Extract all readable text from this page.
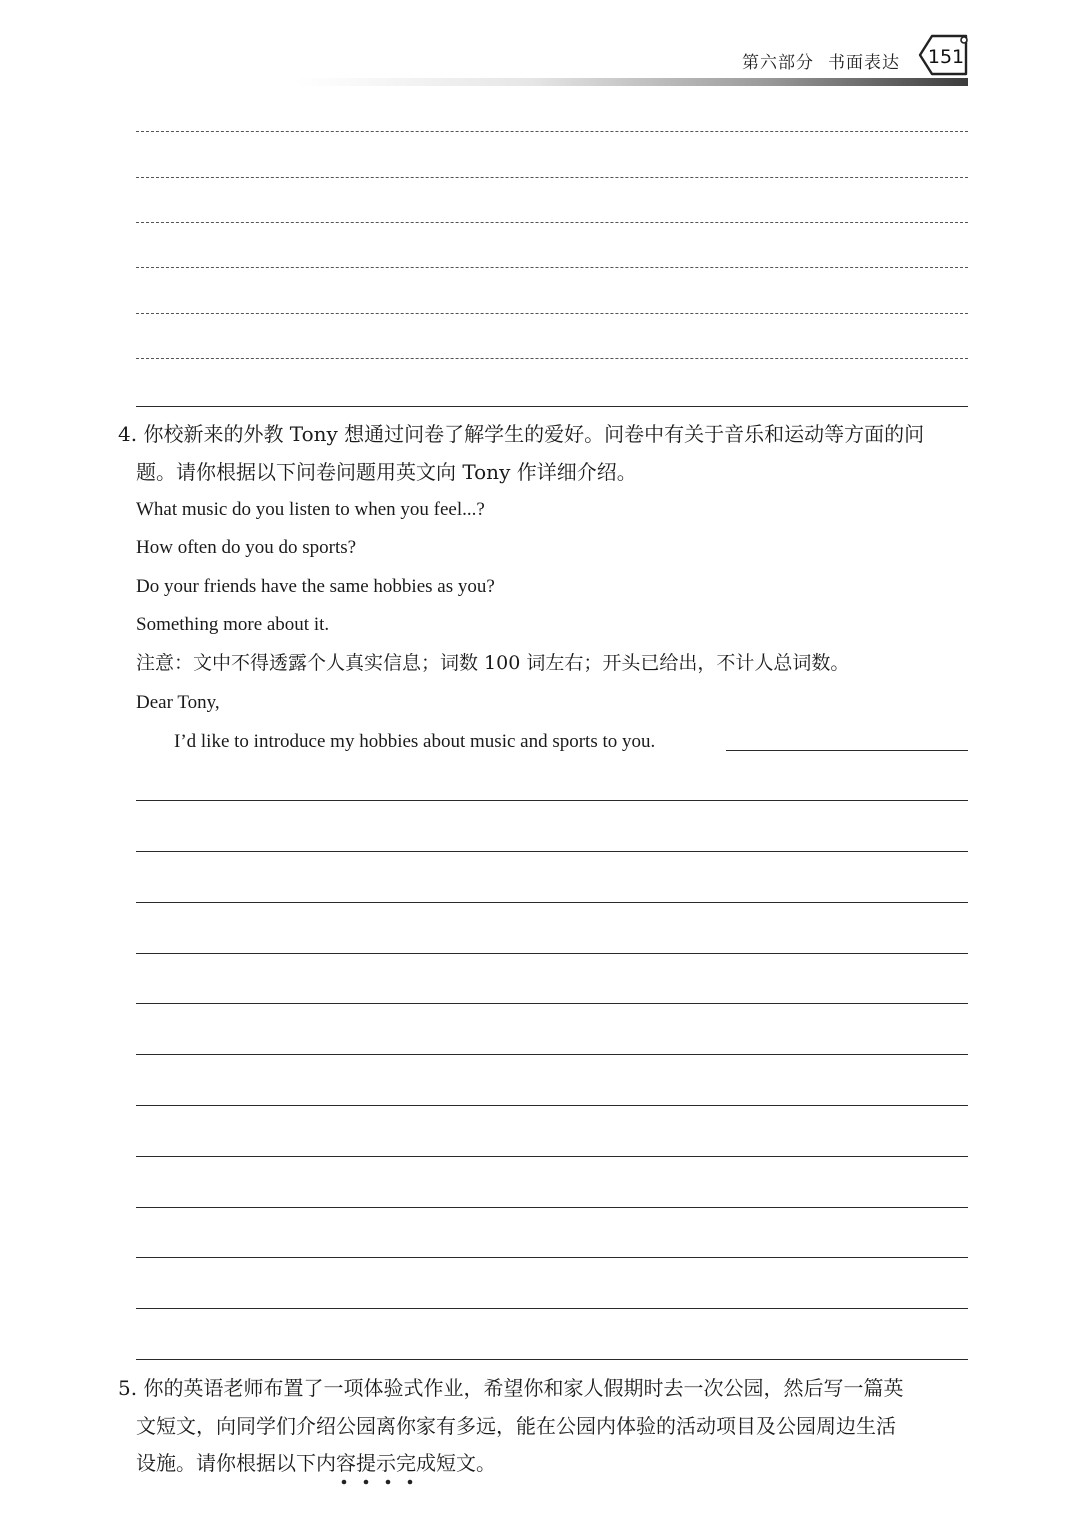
第六部分 书面表达 151
4. 你校新来的外教 Tony 想通过问卷了解学生的爱好。问卷中有关于音乐和运动等方面的问
题。请你根据以下问卷问题用英文向 Tony 作详细介绍。
What music do you listen to when you feel...?
How often do you do sports?
Do your friends have the same hobbies as you?
Something more about it.
注意：文中不得透露个人真实信息；词数 100 词左右；开头已给出，不计人总词数。
Dear Tony,
I’d like to introduce my hobbies about music and sports to you.
5. 你的英语老师布置了一项体验式作业，希望你和家人假期时去一次公园，然后写一篇英
文短文，向同学们介绍公园离你家有多远，能在公园内体验的活动项目及公园周边生活
设施。请你根据以下内容提示完成短文。
